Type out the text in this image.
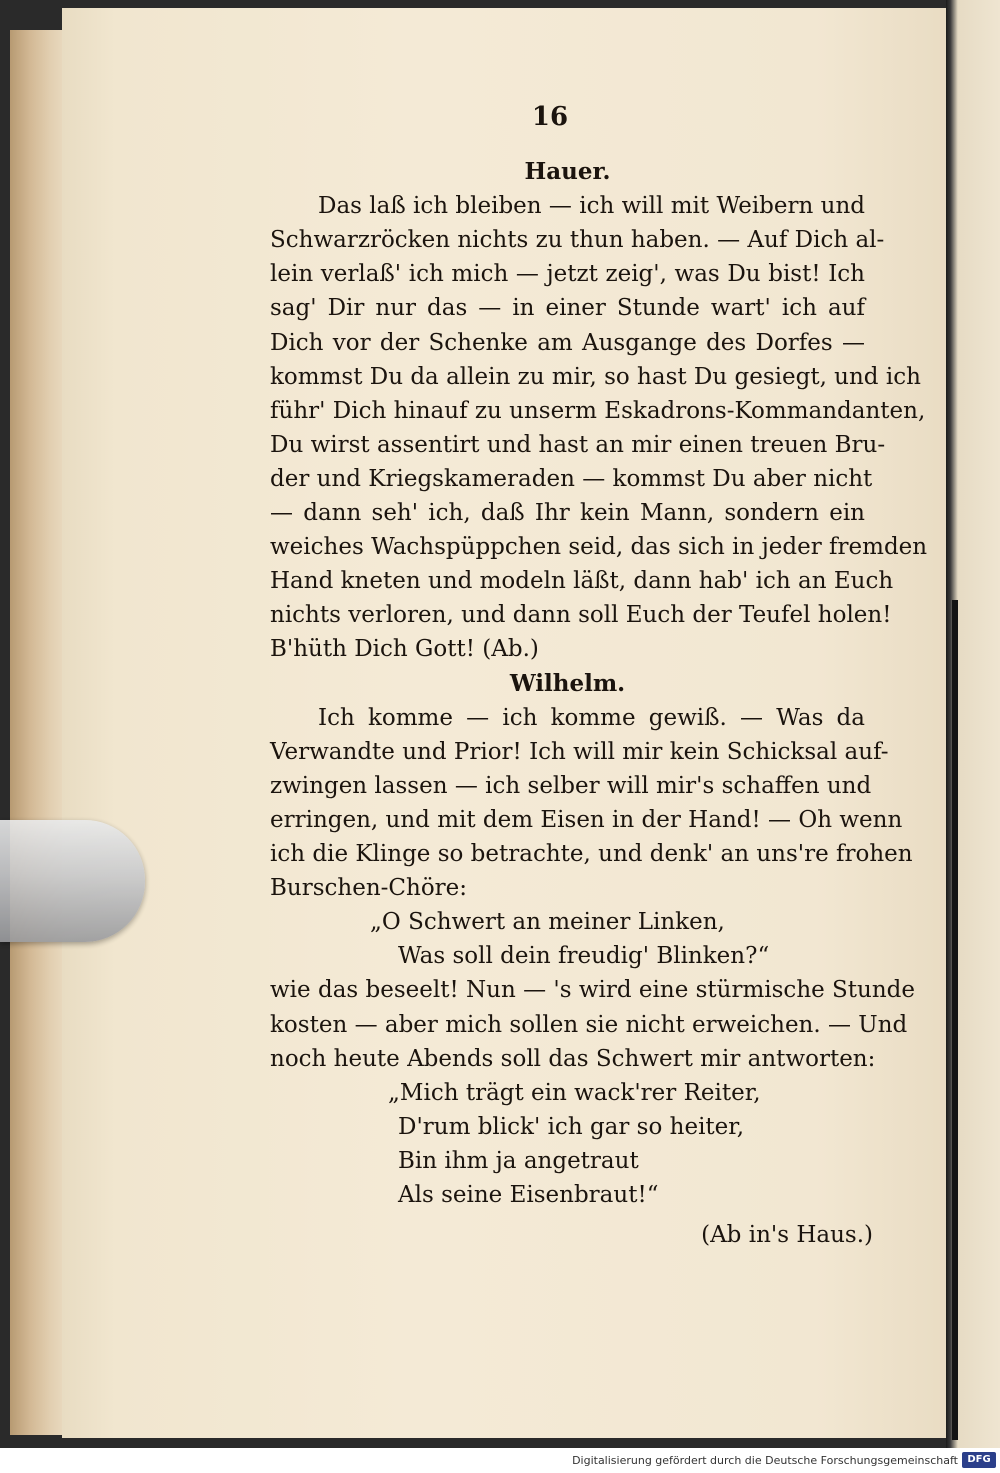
16
Hauer.
Das laß ich bleiben — ich will mit Weibern und
Schwarzröcken nichts zu thun haben. — Auf Dich al-
lein verlaß' ich mich — jetzt zeig', was Du bist! Ich
sag' Dir nur das — in einer Stunde wart' ich auf
Dich vor der Schenke am Ausgange des Dorfes —
kommst Du da allein zu mir, so hast Du gesiegt, und ich
führ' Dich hinauf zu unserm Eskadrons-Kommandanten,
Du wirst assentirt und hast an mir einen treuen Bru-
der und Kriegskameraden — kommst Du aber nicht
— dann seh' ich, daß Ihr kein Mann, sondern ein
weiches Wachspüppchen seid, das sich in jeder fremden
Hand kneten und modeln läßt, dann hab' ich an Euch
nichts verloren, und dann soll Euch der Teufel holen!
B'hüth Dich Gott! (Ab.)
Wilhelm.
Ich komme — ich komme gewiß. — Was da
Verwandte und Prior! Ich will mir kein Schicksal auf-
zwingen lassen — ich selber will mir's schaffen und
erringen, und mit dem Eisen in der Hand! — Oh wenn
ich die Klinge so betrachte, und denk' an uns're frohen
Burschen-Chöre:
„O Schwert an meiner Linken,
Was soll dein freudig' Blinken?“
wie das beseelt! Nun — 's wird eine stürmische Stunde
kosten — aber mich sollen sie nicht erweichen. — Und
noch heute Abends soll das Schwert mir antworten:
„Mich trägt ein wack'rer Reiter,
D'rum blick' ich gar so heiter,
Bin ihm ja angetraut
Als seine Eisenbraut!“
(Ab in's Haus.)
Digitalisierung gefördert durch die Deutsche Forschungsgemeinschaft DFG
